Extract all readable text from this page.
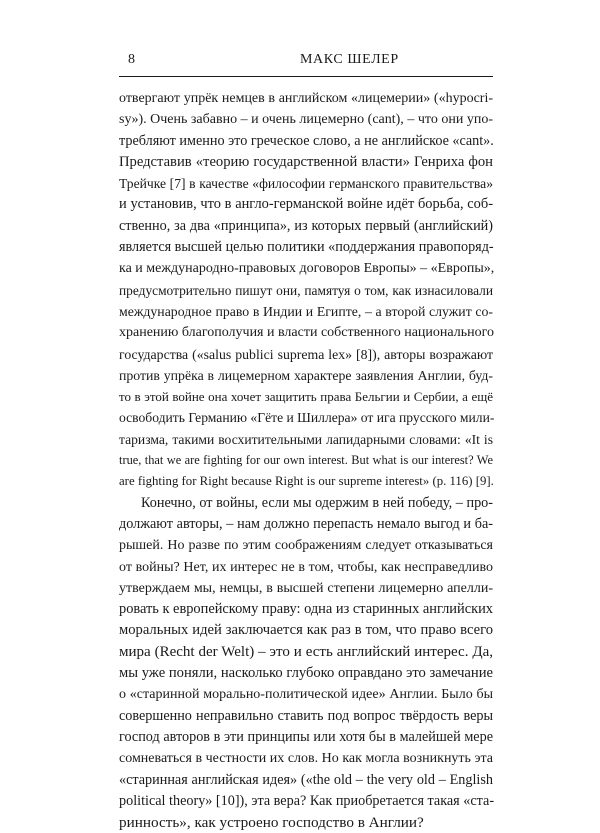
8	МАКС ШЕЛЕР
отвергают упрёк немцев в английском «лицемерии» («hypocri-
sy»). Очень забавно – и очень лицемерно (cant), – что они упо-
требляют именно это греческое слово, а не английское «cant».
Представив «теорию государственной власти» Генриха фон
Трейчке [7] в качестве «философии германского правительства»
и установив, что в англо-германской войне идёт борьба, соб-
ственно, за два «принципа», из которых первый (английский)
является высшей целью политики «поддержания правопоряд-
ка и международно-правовых договоров Европы» – «Европы»,
предусмотрительно пишут они, памятуя о том, как изнасиловали
международное право в Индии и Египте, – а второй служит со-
хранению благополучия и власти собственного национального
государства («salus publici suprema lex» [8]), авторы возражают
против упрёка в лицемерном характере заявления Англии, буд-
то в этой войне она хочет защитить права Бельгии и Сербии, а ещё
освободить Германию «Гёте и Шиллера» от ига прусского мили-
таризма, такими восхитительными лапидарными словами: «It is
true, that we are fighting for our own interest. But what is our interest? We
are fighting for Right because Right is our supreme interest» (p. 116) [9].
Конечно, от войны, если мы одержим в ней победу, – про-
должают авторы, – нам должно перепасть немало выгод и ба-
рышей. Но разве по этим соображениям следует отказываться
от войны? Нет, их интерес не в том, чтобы, как несправедливо
утверждаем мы, немцы, в высшей степени лицемерно апелли-
ровать к европейскому праву: одна из старинных английских
моральных идей заключается как раз в том, что право всего
мира (Recht der Welt) – это и есть английский интерес. Да,
мы уже поняли, насколько глубоко оправдано это замечание
о «старинной морально-политической идее» Англии. Было бы
совершенно неправильно ставить под вопрос твёрдость веры
господ авторов в эти принципы или хотя бы в малейшей мере
сомневаться в честности их слов. Но как могла возникнуть эта
«старинная английская идея» («the old – the very old – English
political theory» [10]), эта вера? Как приобретается такая «ста-
ринность», как устроено господство в Англии?
